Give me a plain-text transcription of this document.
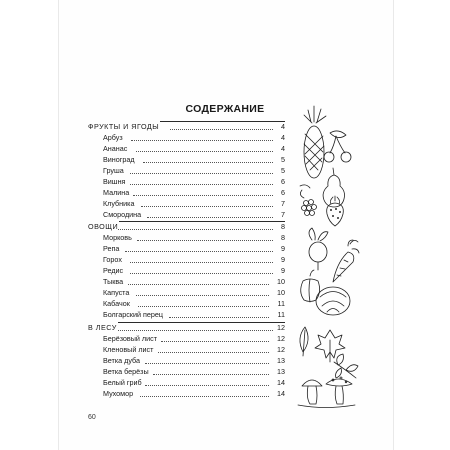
СОДЕРЖАНИЕ
ФРУКТЫ И ЯГОДЫ	4
Арбуз	4
Ананас	4
Виноград	5
Груша	5
Вишня	6
Малина	6
Клубника	7
Смородина	7
ОВОЩИ	8
Морковь	8
Репа	9
Горох	9
Редис	9
Тыква	10
Капуста	10
Кабачок	11
Болгарский перец	11
В ЛЕСУ	12
Берёзовый лист	12
Кленовый лист	12
Ветка дуба	13
Ветка берёзы	13
Белый гриб	14
Мухомор	14
60
